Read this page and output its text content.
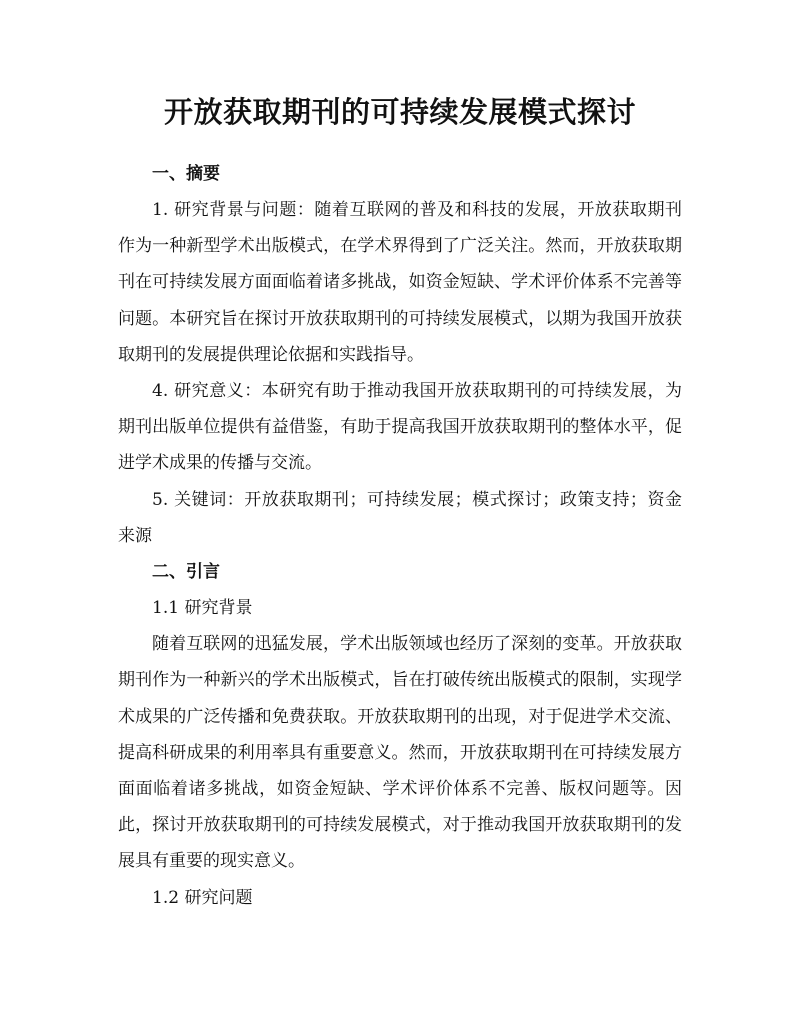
开放获取期刊的可持续发展模式探讨
一、摘要

1. 研究背景与问题：随着互联网的普及和科技的发展，开放获取期刊作为一种新型学术出版模式，在学术界得到了广泛关注。然而，开放获取期刊在可持续发展方面面临着诸多挑战，如资金短缺、学术评价体系不完善等问题。本研究旨在探讨开放获取期刊的可持续发展模式，以期为我国开放获取期刊的发展提供理论依据和实践指导。

4. 研究意义：本研究有助于推动我国开放获取期刊的可持续发展，为期刊出版单位提供有益借鉴，有助于提高我国开放获取期刊的整体水平，促进学术成果的传播与交流。

5. 关键词：开放获取期刊；可持续发展；模式探讨；政策支持；资金来源

二、引言

1.1 研究背景

随着互联网的迅猛发展，学术出版领域也经历了深刻的变革。开放获取期刊作为一种新兴的学术出版模式，旨在打破传统出版模式的限制，实现学术成果的广泛传播和免费获取。开放获取期刊的出现，对于促进学术交流、提高科研成果的利用率具有重要意义。然而，开放获取期刊在可持续发展方面面临着诸多挑战，如资金短缺、学术评价体系不完善、版权问题等。因此，探讨开放获取期刊的可持续发展模式，对于推动我国开放获取期刊的发展具有重要的现实意义。

1.2 研究问题
